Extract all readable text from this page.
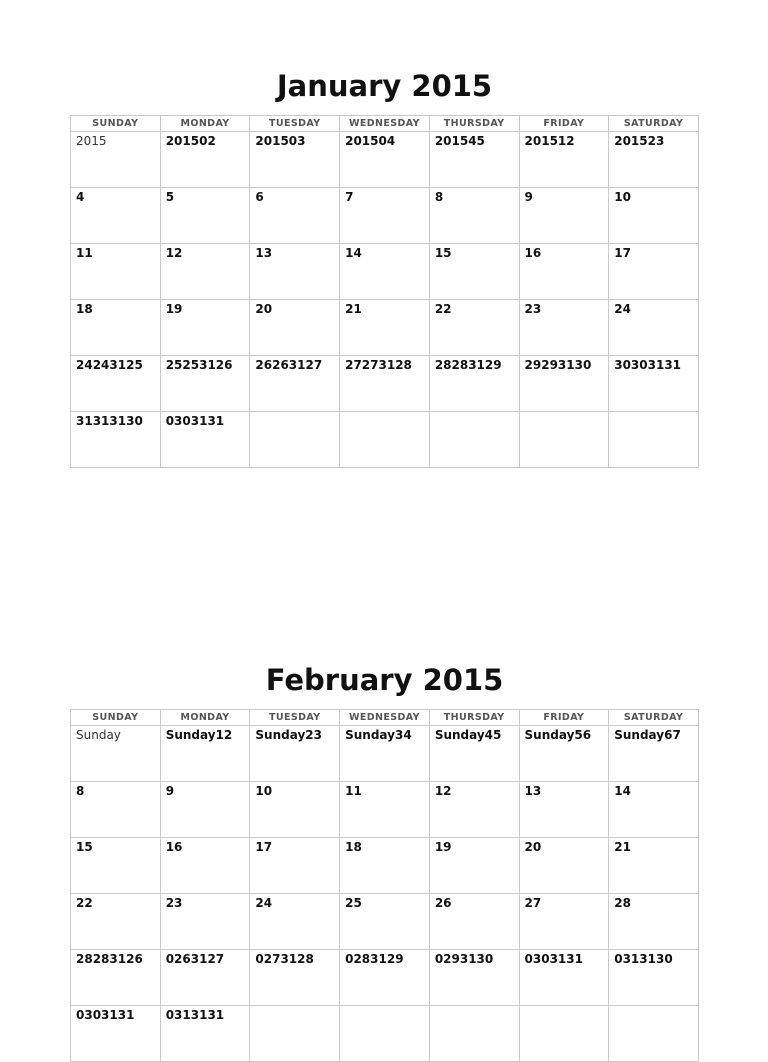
January 2015
SUNDAY	MONDAY	TUESDAY	WEDNESDAY	THURSDAY	FRIDAY	SATURDAY

2015	201502	201503	201504	201545	201512	201523

4	5	6	7	8	9	10

11	12	13	14	15	16	17

18	19	20	21	22	23	24

24243125	25253126	26263127	27273128	28283129	29293130	30303131

31313130	0303131					

February 2015
SUNDAY	MONDAY	TUESDAY	WEDNESDAY	THURSDAY	FRIDAY	SATURDAY

Sunday	Sunday12	Sunday23	Sunday34	Sunday45	Sunday56	Sunday67

8	9	10	11	12	13	14

15	16	17	18	19	20	21

22	23	24	25	26	27	28

28283126	0263127	0273128	0283129	0293130	0303131	0313130

0303131	0313131					
